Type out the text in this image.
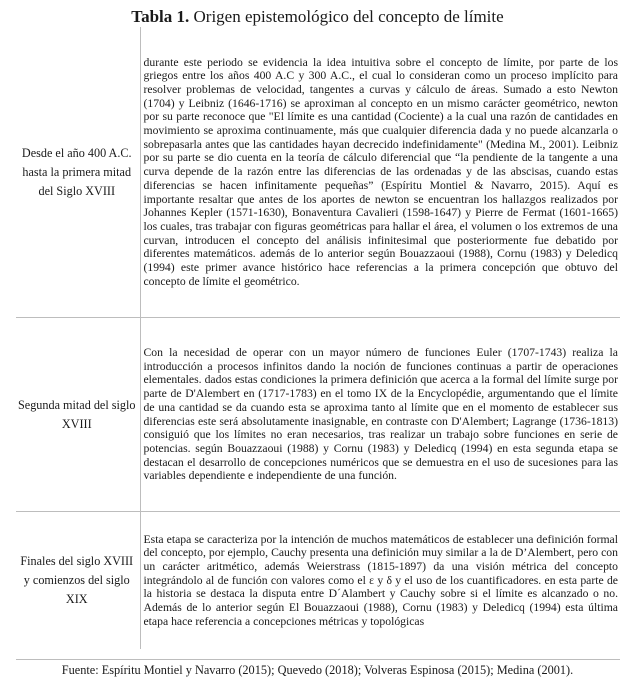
Tabla 1. Origen epistemológico del concepto de límite
Desde el año 400 A.C. hasta la primera mitad del Siglo XVIII	durante este periodo se evidencia la idea intuitiva sobre el concepto de límite, por parte de los griegos entre los años 400 A.C y 300 A.C., el cual lo consideran como un proceso implícito para resolver problemas de velocidad, tangentes a curvas y cálculo de áreas. Sumado a esto Newton (1704) y Leibniz (1646-1716) se aproximan al concepto en un mismo carácter geométrico, newton por su parte reconoce que "El límite es una cantidad (Cociente) a la cual una razón de cantidades en movimiento se aproxima continuamente, más que cualquier diferencia dada y no puede alcanzarla o sobrepasarla antes que las cantidades hayan decrecido indefinidamente" (Medina M., 2001). Leibniz por su parte se dio cuenta en la teoría de cálculo diferencial que “la pendiente de la tangente a una curva depende de la razón entre las diferencias de las ordenadas y de las abscisas, cuando estas diferencias se hacen infinitamente pequeñas” (Espíritu Montiel & Navarro, 2015). Aquí es importante resaltar que antes de los aportes de newton se encuentran los hallazgos realizados por Johannes Kepler (1571-1630), Bonaventura Cavalieri (1598-1647) y Pierre de Fermat (1601-1665) los cuales, tras trabajar con figuras geométricas para hallar el área, el volumen o los extremos de una curvan, introducen el concepto del análisis infinitesimal que posteriormente fue debatido por diferentes matemáticos. además de lo anterior según Bouazzaoui (1988), Cornu (1983) y Deledicq (1994) este primer avance histórico hace referencias a la primera concepción que obtuvo del concepto de límite el geométrico.
Segunda mitad del siglo XVIII	Con la necesidad de operar con un mayor número de funciones Euler (1707-1743) realiza la introducción a procesos infinitos dando la noción de funciones continuas a partir de operaciones elementales. dados estas condiciones la primera definición que acerca a la formal del límite surge por parte de D'Alembert en (1717-1783) en el tomo IX de la Encyclopédie, argumentando que el límite de una cantidad se da cuando esta se aproxima tanto al límite que en el momento de establecer sus diferencias este será absolutamente inasignable, en contraste con D'Alembert; Lagrange (1736-1813) consiguió que los límites no eran necesarios, tras realizar un trabajo sobre funciones en serie de potencias. según Bouazzaoui (1988) y Cornu (1983) y Deledicq (1994) en esta segunda etapa se destacan el desarrollo de concepciones numéricos que se demuestra en el uso de sucesiones para las variables dependiente e independiente de una función.
Finales del siglo XVIII y comienzos del siglo XIX	Esta etapa se caracteriza por la intención de muchos matemáticos de establecer una definición formal del concepto, por ejemplo, Cauchy presenta una definición muy similar a la de D’Alembert, pero con un carácter aritmético, además Weierstrass (1815-1897) da una visión métrica del concepto integrándolo al de función con valores como el ε y δ y el uso de los cuantificadores. en esta parte de la historia se destaca la disputa entre D´Alambert y Cauchy sobre si el límite es alcanzado o no. Además de lo anterior según El Bouazzaoui (1988), Cornu (1983) y Deledicq (1994) esta última etapa hace referencia a concepciones métricas y topológicas
Fuente: Espíritu Montiel y Navarro (2015); Quevedo (2018); Volveras Espinosa (2015); Medina (2001).
